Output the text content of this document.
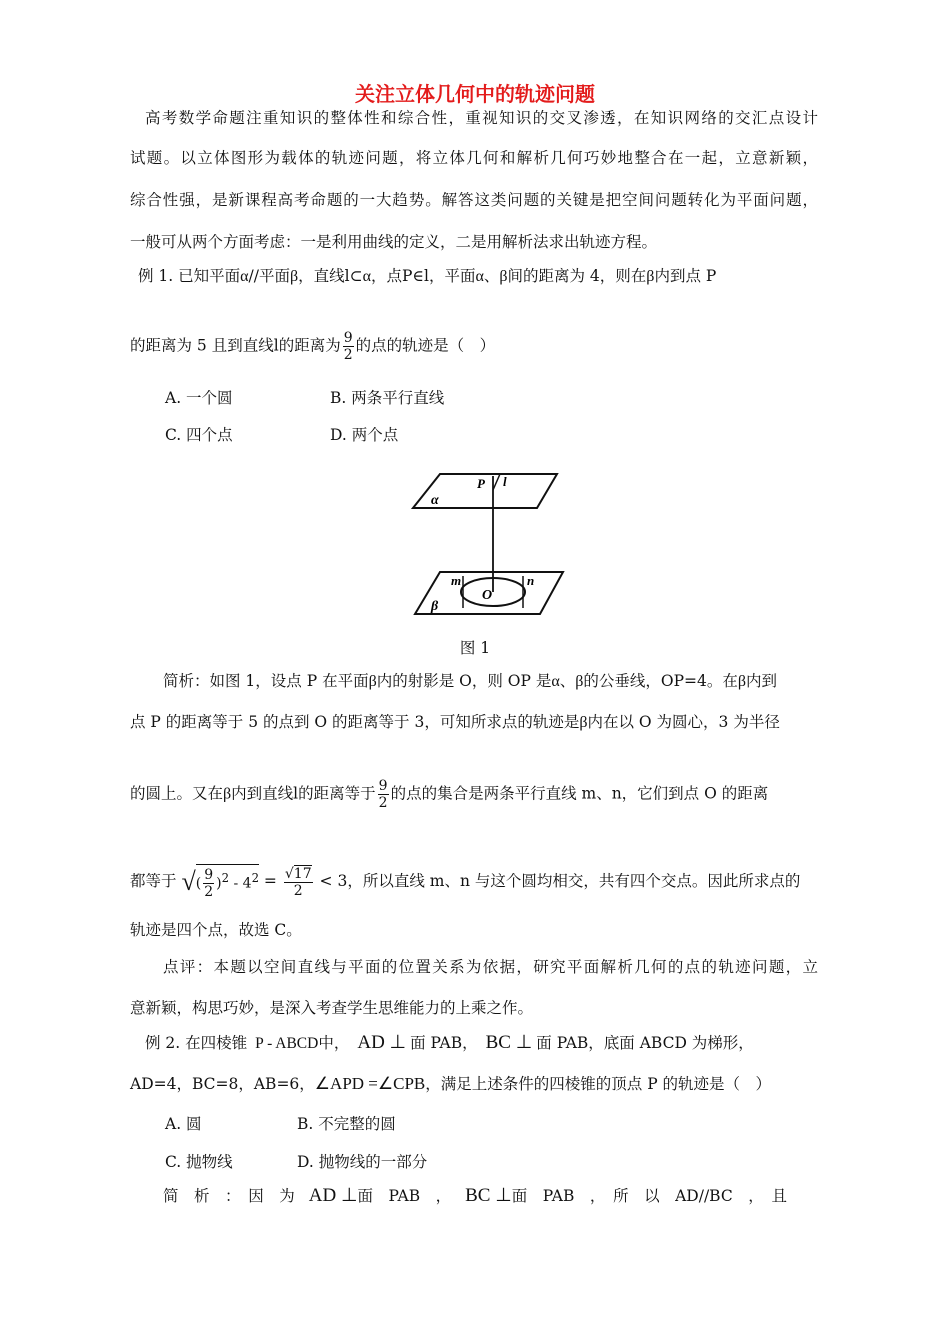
关注立体几何中的轨迹问题
高考数学命题注重知识的整体性和综合性，重视知识的交叉渗透，在知识网络的交汇点设计
试题。以立体图形为载体的轨迹问题，将立体几何和解析几何巧妙地整合在一起，立意新颖，
综合性强，是新课程高考命题的一大趋势。解答这类问题的关键是把空间问题转化为平面问题，
一般可从两个方面考虑：一是利用曲线的定义，二是用解析法求出轨迹方程。
例 1. 已知平面α//平面β，直线l⊂α，点P∈l，平面α、β间的距离为 4，则在β内到点 P
的距离为 5 且到直线l的距离为 $\frac{9}{2}$ 的点的轨迹是（　）
A. 一个圆	B. 两条平行直线
C. 四个点	D. 两个点
P l
α
β
m	n
O
图 1
简析：如图 1，设点 P 在平面β内的射影是 O，则 OP 是α、β的公垂线，OP=4。在β内到
点 P 的距离等于 5 的点到 O 的距离等于 3，可知所求点的轨迹是β内在以 O 为圆心，3 为半径
的圆上。又在β内到直线l的距离等于 $\frac{9}{2}$ 的点的集合是两条平行直线 m、n，它们到点 O 的距离
都等于 √( $\frac{9}{2} )^2 - 4^2 = \frac{√17}{2} < 3$，所以直线 m、n 与这个圆均相交，共有四个交点。因此所求点的
轨迹是四个点，故选 C。
点评：本题以空间直线与平面的位置关系为依据，研究平面解析几何的点的轨迹问题，立
意新颖，构思巧妙，是深入考查学生思维能力的上乘之作。
例 2. 在四棱锥 P - ABCD中， AD ⊥ 面 PAB， BC ⊥ 面 PAB，底面 ABCD 为梯形，
AD=4，BC=8，AB=6，∠APD =∠CPB，满足上述条件的四棱锥的顶点 P 的轨迹是（　）
A. 圆	B. 不完整的圆
C. 抛物线	D. 抛物线的一部分
简　析　：　因　为 AD ⊥面　PAB　， BC ⊥面　PAB　，　所　以　AD//BC　，　且
